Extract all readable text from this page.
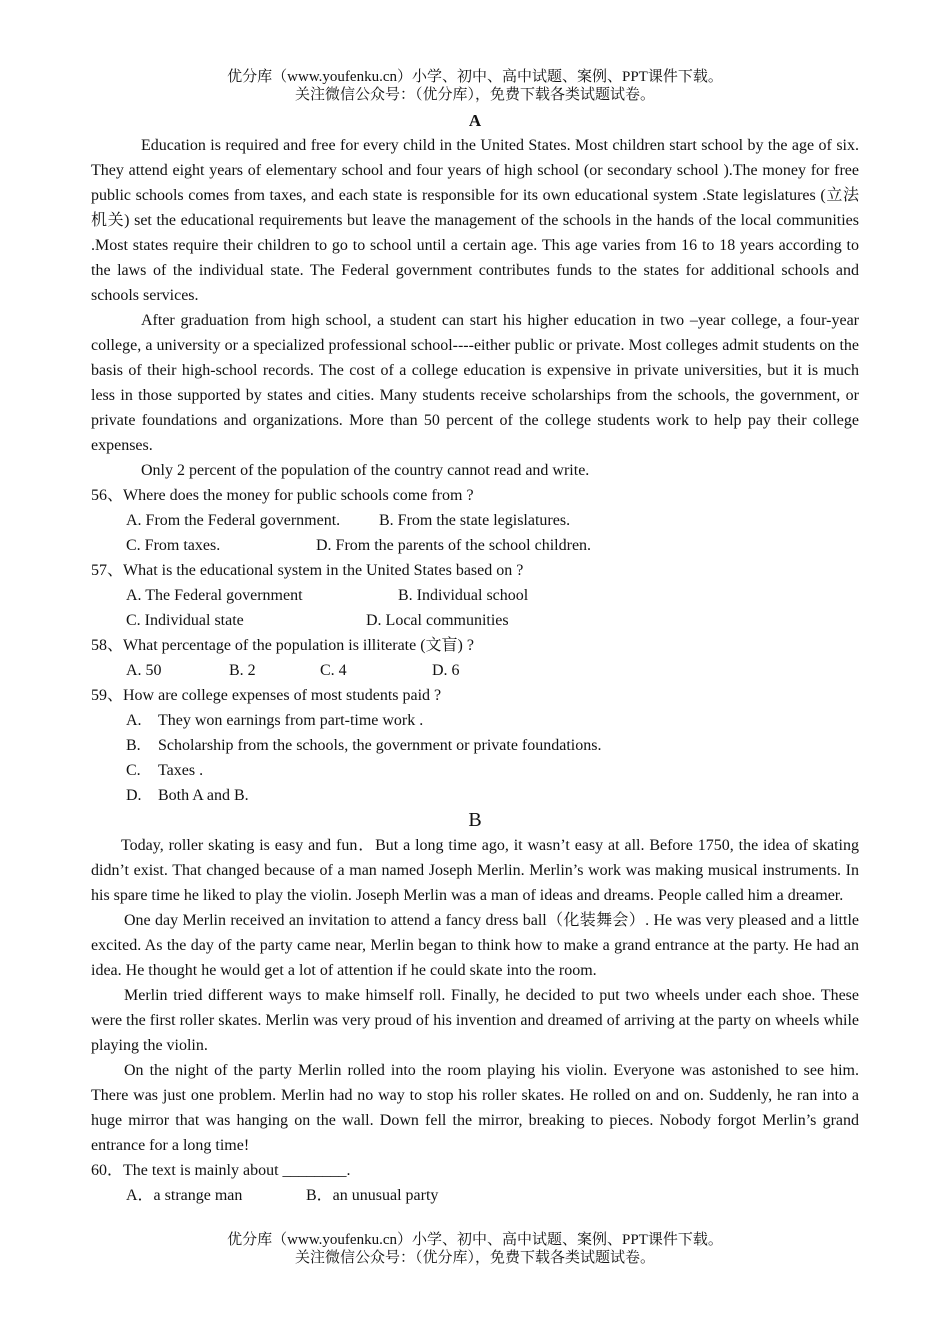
优分库（www.youfenku.cn）小学、初中、高中试题、案例、PPT课件下载。
关注微信公众号：（优分库），免费下载各类试题试卷。
A

Education is required and free for every child in the United States. Most children start school by the age of six. They attend eight years of elementary school and four years of high school (or secondary school ).The money for free public schools comes from taxes, and each state is responsible for its own educational system .State legislatures (立法机关) set the educational requirements but leave the management of the schools in the hands of the local communities .Most states require their children to go to school until a certain age. This age varies from 16 to 18 years according to the laws of the individual state. The Federal government contributes funds to the states for additional schools and schools services.

After graduation from high school, a student can start his higher education in two –year college, a four-year college, a university or a specialized professional school----either public or private. Most colleges admit students on the basis of their high-school records. The cost of a college education is expensive in private universities, but it is much less in those supported by states and cities. Many students receive scholarships from the schools, the government, or private foundations and organizations. More than 50 percent of the college students work to help pay their college expenses.

Only 2 percent of the population of the country cannot read and write.

56、Where does the money for public schools come from ?
A. From the Federal government. B. From the state legislatures.
C. From taxes.	D. From the parents of the school children.
57、What is the educational system in the United States based on ?
A. The Federal government	B. Individual school
C. Individual state	D. Local communities
58、What percentage of the population is illiterate (文盲) ?
A. 50	B. 2	C. 4	D. 6
59、How are college expenses of most students paid ?
A. They won earnings from part-time work .
B. Scholarship from the schools, the government or private foundations.
C. Taxes .
D. Both A and B.
B

Today, roller skating is easy and fun．But a long time ago, it wasn’t easy at all. Before 1750, the idea of skating didn’t exist. That changed because of a man named Joseph Merlin. Merlin’s work was making musical instruments. In his spare time he liked to play the violin. Joseph Merlin was a man of ideas and dreams. People called him a dreamer.

One day Merlin received an invitation to attend a fancy dress ball（化装舞会）. He was very pleased and a little excited. As the day of the party came near, Merlin began to think how to make a grand entrance at the party. He had an idea. He thought he would get a lot of attention if he could skate into the room.

Merlin tried different ways to make himself roll. Finally, he decided to put two wheels under each shoe. These were the first roller skates. Merlin was very proud of his invention and dreamed of arriving at the party on wheels while playing the violin.

On the night of the party Merlin rolled into the room playing his violin. Everyone was astonished to see him. There was just one problem. Merlin had no way to stop his roller skates. He rolled on and on. Suddenly, he ran into a huge mirror that was hanging on the wall. Down fell the mirror, breaking to pieces. Nobody forgot Merlin’s grand entrance for a long time!

60．The text is mainly about ________.
A．a strange man	B．an unusual party
优分库（www.youfenku.cn）小学、初中、高中试题、案例、PPT课件下载。
关注微信公众号：（优分库），免费下载各类试题试卷。
